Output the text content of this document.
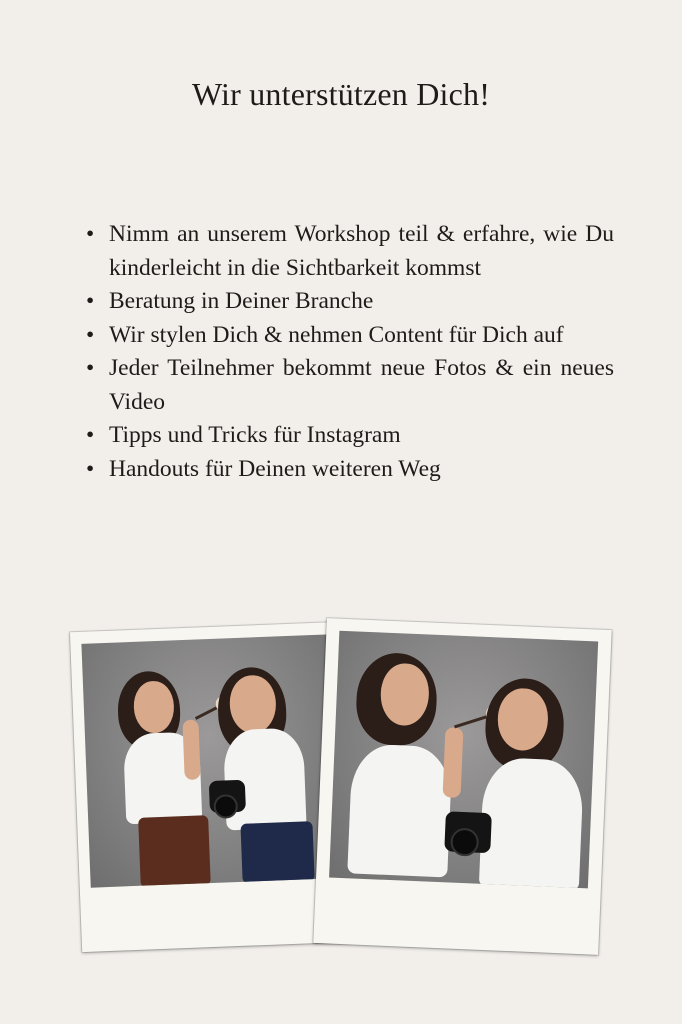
Wir unterstützen Dich!
• Nimm an unserem Workshop teil & erfahre, wie Du kinderleicht in die Sichtbarkeit kommst
• Beratung in Deiner Branche
• Wir stylen Dich & nehmen Content für Dich auf
• Jeder Teilnehmer bekommt neue Fotos & ein neues Video
• Tipps und Tricks für Instagram
• Handouts für Deinen weiteren Weg
